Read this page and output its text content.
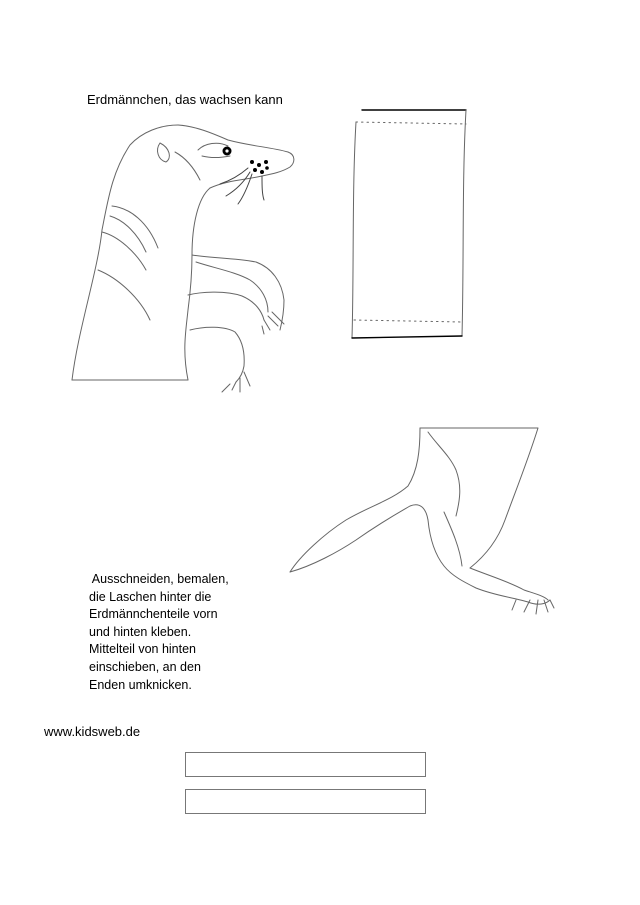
Erdmännchen, das wachsen kann
Ausschneiden, bemalen,
die Laschen hinter die
Erdmännchenteile vorn
und hinten kleben.
Mittelteil von hinten
einschieben, an den
Enden umknicken.
www.kidsweb.de
